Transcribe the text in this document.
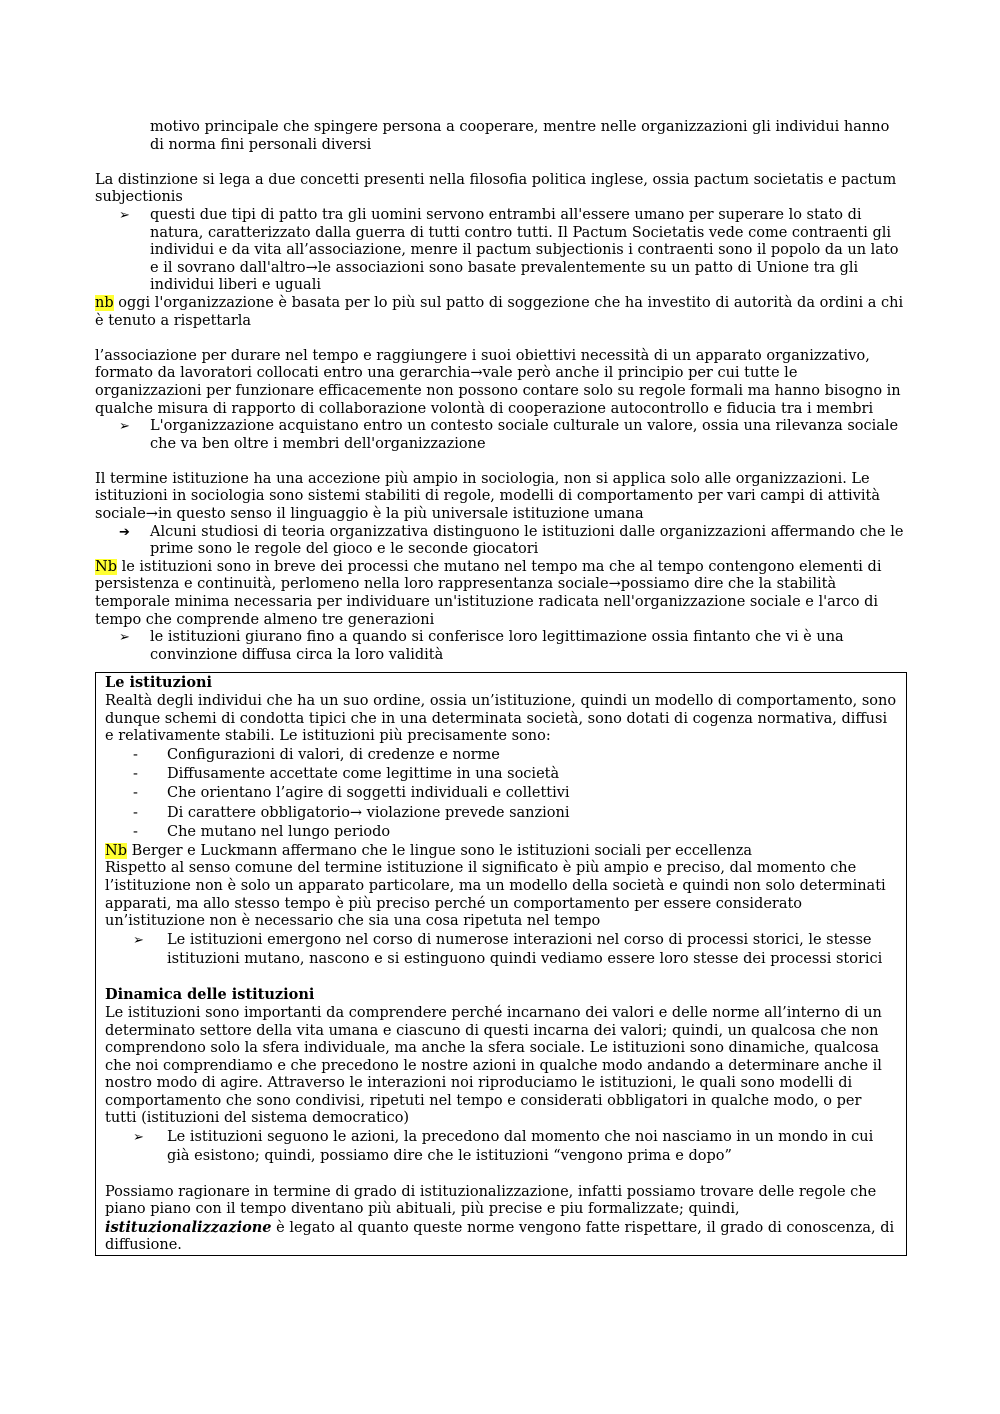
motivo principale che spingere persona a cooperare, mentre nelle organizzazioni gli individui hanno di norma fini personali diversi

La distinzione si lega a due concetti presenti nella filosofia politica inglese, ossia pactum societatis e pactum subjectionis

➢ questi due tipi di patto tra gli uomini servono entrambi all'essere umano per superare lo stato di natura, caratterizzato dalla guerra di tutti contro tutti. Il Pactum Societatis vede come contraenti gli individui e da vita all’associazione, menre il pactum subjectionis i contraenti sono il popolo da un lato e il sovrano dall'altro→le associazioni sono basate prevalentemente su un patto di Unione tra gli individui liberi e uguali

nb oggi l'organizzazione è basata per lo più sul patto di soggezione che ha investito di autorità da ordini a chi è tenuto a rispettarla

l’associazione per durare nel tempo e raggiungere i suoi obiettivi necessità di un apparato organizzativo, formato da lavoratori collocati entro una gerarchia→vale però anche il principio per cui tutte le organizzazioni per funzionare efficacemente non possono contare solo su regole formali ma hanno bisogno in qualche misura di rapporto di collaborazione volontà di cooperazione autocontrollo e fiducia tra i membri

➢ L'organizzazione acquistano entro un contesto sociale culturale un valore, ossia una rilevanza sociale che va ben oltre i membri dell'organizzazione

Il termine istituzione ha una accezione più ampio in sociologia, non si applica solo alle organizzazioni. Le istituzioni in sociologia sono sistemi stabiliti di regole, modelli di comportamento per vari campi di attività sociale→in questo senso il linguaggio è la più universale istituzione umana

➔ Alcuni studiosi di teoria organizzativa distinguono le istituzioni dalle organizzazioni affermando che le prime sono le regole del gioco e le seconde giocatori

Nb le istituzioni sono in breve dei processi che mutano nel tempo ma che al tempo contengono elementi di persistenza e continuità, perlomeno nella loro rappresentanza sociale→possiamo dire che la stabilità temporale minima necessaria per individuare un'istituzione radicata nell'organizzazione sociale e l'arco di tempo che comprende almeno tre generazioni

➢ le istituzioni giurano fino a quando si conferisce loro legittimazione ossia fintanto che vi è una convinzione diffusa circa la loro validità

Le istituzioni

Realtà degli individui che ha un suo ordine, ossia un’istituzione, quindi un modello di comportamento, sono dunque schemi di condotta tipici che in una determinata società, sono dotati di cogenza normativa, diffusi e relativamente stabili. Le istituzioni più precisamente sono:

- Configurazioni di valori, di credenze e norme

- Diffusamente accettate come legittime in una società

- Che orientano l’agire di soggetti individuali e collettivi

- Di carattere obbligatorio→ violazione prevede sanzioni

- Che mutano nel lungo periodo

Nb Berger e Luckmann affermano che le lingue sono le istituzioni sociali per eccellenza

Rispetto al senso comune del termine istituzione il significato è più ampio e preciso, dal momento che l’istituzione non è solo un apparato particolare, ma un modello della società e quindi non solo determinati apparati, ma allo stesso tempo è più preciso perché un comportamento per essere considerato un’istituzione non è necessario che sia una cosa ripetuta nel tempo

➢ Le istituzioni emergono nel corso di numerose interazioni nel corso di processi storici, le stesse istituzioni mutano, nascono e si estinguono quindi vediamo essere loro stesse dei processi storici

Dinamica delle istituzioni

Le istituzioni sono importanti da comprendere perché incarnano dei valori e delle norme all’interno di un determinato settore della vita umana e ciascuno di questi incarna dei valori; quindi, un qualcosa che non comprendono solo la sfera individuale, ma anche la sfera sociale. Le istituzioni sono dinamiche, qualcosa che noi comprendiamo e che precedono le nostre azioni in qualche modo andando a determinare anche il nostro modo di agire. Attraverso le interazioni noi riproduciamo le istituzioni, le quali sono modelli di comportamento che sono condivisi, ripetuti nel tempo e considerati obbligatori in qualche modo, o per tutti (istituzioni del sistema democratico)

➢ Le istituzioni seguono le azioni, la precedono dal momento che noi nasciamo in un mondo in cui già esistono; quindi, possiamo dire che le istituzioni “vengono prima e dopo”

Possiamo ragionare in termine di grado di istituzionalizzazione, infatti possiamo trovare delle regole che piano piano con il tempo diventano più abituali, più precise e piu formalizzate; quindi, istituzionalizzazione è legato al quanto queste norme vengono fatte rispettare, il grado di conoscenza, di diffusione.
